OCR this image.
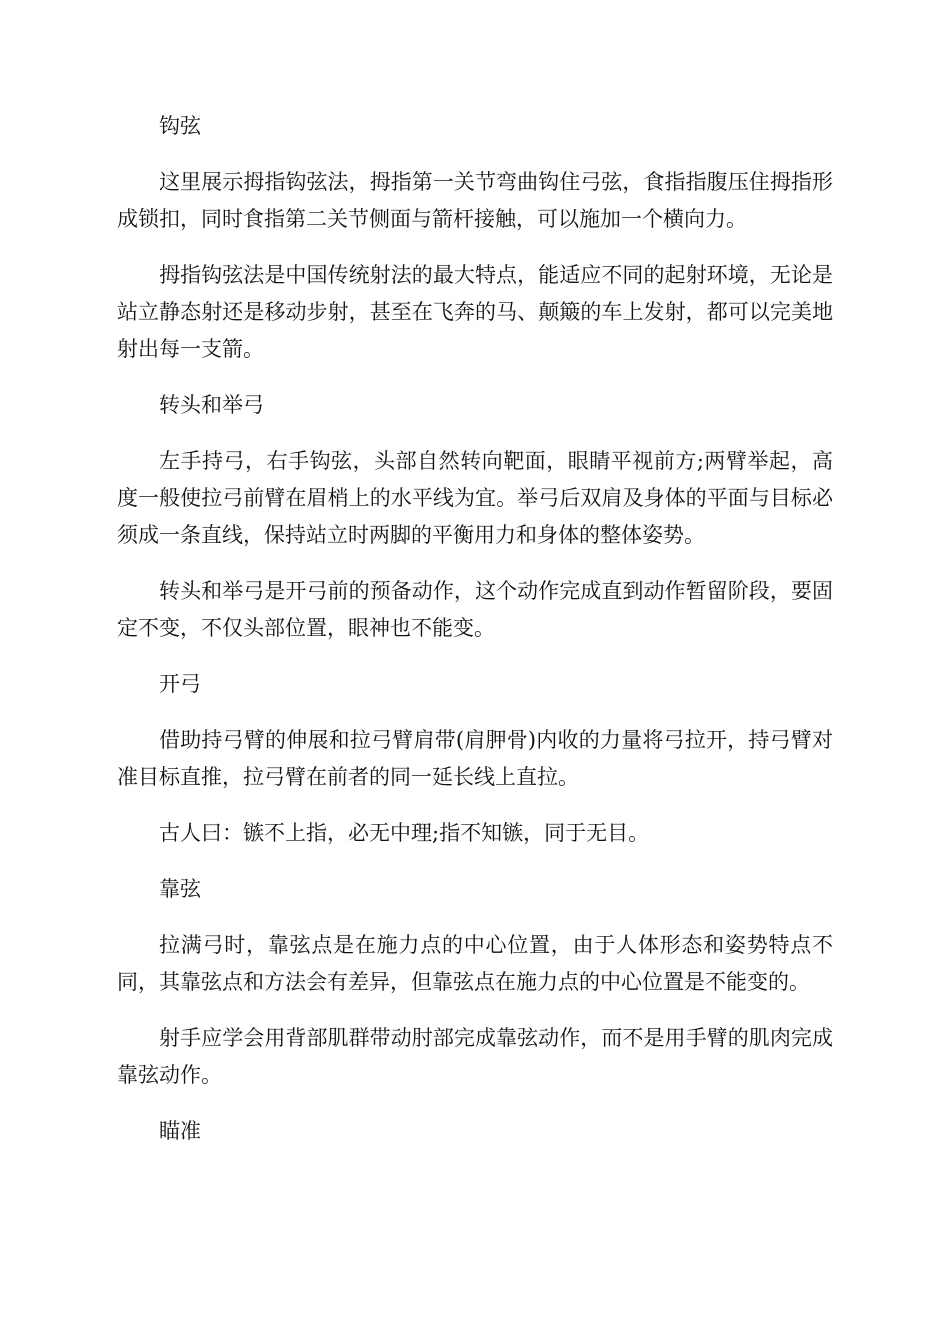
钩弦

这里展示拇指钩弦法，拇指第一关节弯曲钩住弓弦，食指指腹压住拇指形成锁扣，同时食指第二关节侧面与箭杆接触，可以施加一个横向力。

拇指钩弦法是中国传统射法的最大特点，能适应不同的起射环境，无论是站立静态射还是移动步射，甚至在飞奔的马、颠簸的车上发射，都可以完美地射出每一支箭。

转头和举弓

左手持弓，右手钩弦，头部自然转向靶面，眼睛平视前方;两臂举起，高度一般使拉弓前臂在眉梢上的水平线为宜。举弓后双肩及身体的平面与目标必须成一条直线，保持站立时两脚的平衡用力和身体的整体姿势。

转头和举弓是开弓前的预备动作，这个动作完成直到动作暂留阶段，要固定不变，不仅头部位置，眼神也不能变。

开弓

借助持弓臂的伸展和拉弓臂肩带(肩胛骨)内收的力量将弓拉开，持弓臂对准目标直推，拉弓臂在前者的同一延长线上直拉。

古人曰：镞不上指，必无中理;指不知镞，同于无目。

靠弦

拉满弓时，靠弦点是在施力点的中心位置，由于人体形态和姿势特点不同，其靠弦点和方法会有差异，但靠弦点在施力点的中心位置是不能变的。

射手应学会用背部肌群带动肘部完成靠弦动作，而不是用手臂的肌肉完成靠弦动作。

瞄准
